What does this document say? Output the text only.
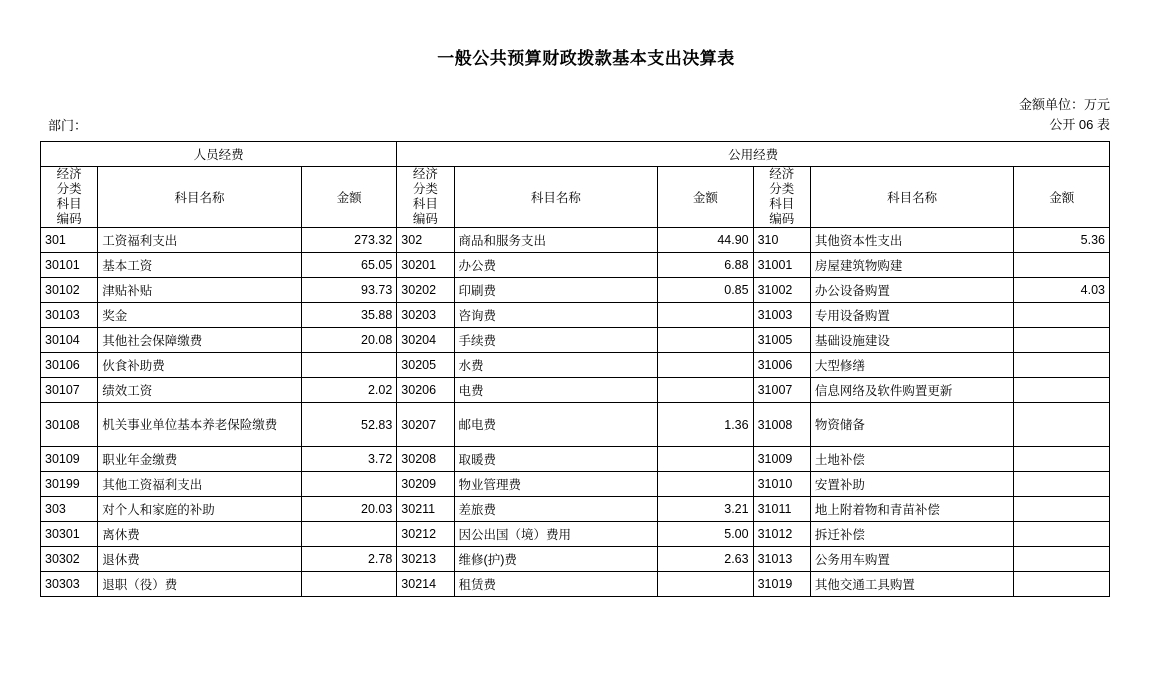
一般公共预算财政拨款基本支出决算表
金额单位：万元
部门：	公开 06 表
人员经费			公用经费					

经济
分类
科目
编码
	科目名称	金额	
经济
分类
科目
编码
	科目名称	金额	
经济
分类
科目
编码
	科目名称	金额
301	工资福利支出	273.32	302	商品和服务支出	44.90	310	其他资本性支出	5.36
30101	基本工资	65.05	30201	办公费	6.88	31001	房屋建筑物购建	
30102	津贴补贴	93.73	30202	印刷费	0.85	31002	办公设备购置	4.03
30103	奖金	35.88	30203	咨询费		31003	专用设备购置	
30104	其他社会保障缴费	20.08	30204	手续费		31005	基础设施建设	
30106	伙食补助费		30205	水费		31006	大型修缮	
30107	绩效工资	2.02	30206	电费		31007	信息网络及软件购置更新	
30108	机关事业单位基本养老保险缴费	52.83	30207	邮电费	1.36	31008	物资储备	
30109	职业年金缴费	3.72	30208	取暖费		31009	土地补偿	
30199	其他工资福利支出		30209	物业管理费		31010	安置补助	
303	对个人和家庭的补助	20.03	30211	差旅费	3.21	31011	地上附着物和青苗补偿	
30301	离休费		30212	因公出国（境）费用	5.00	31012	拆迁补偿	
30302	退休费	2.78	30213	维修(护)费	2.63	31013	公务用车购置	
30303	退职（役）费		30214	租赁费		31019	其他交通工具购置	
